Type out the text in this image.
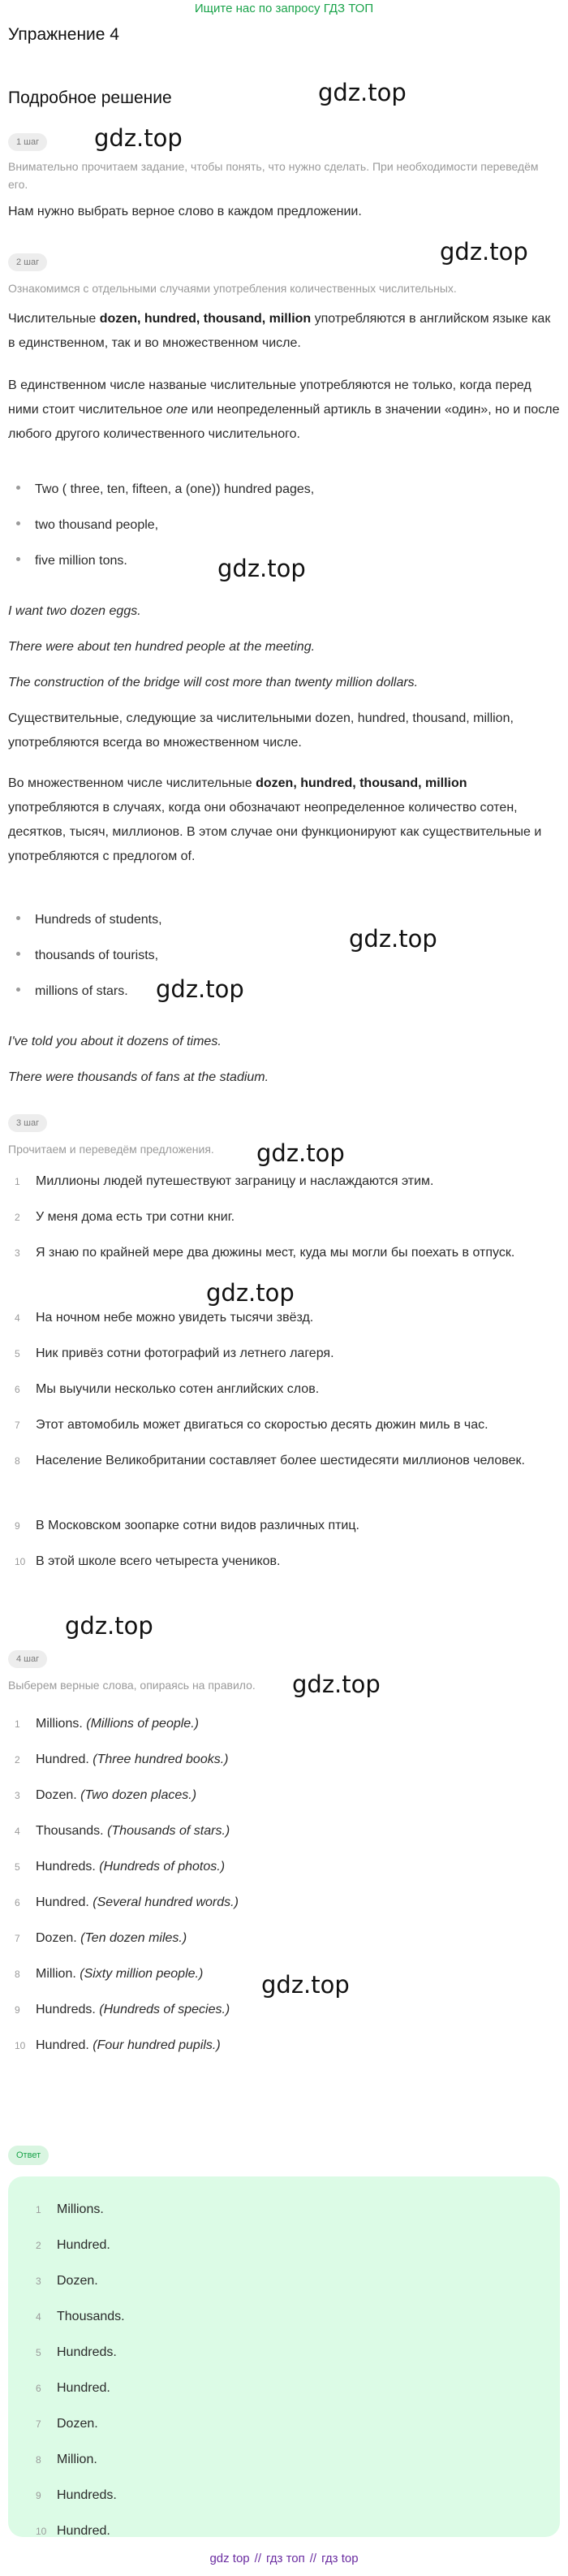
Ищите нас по запросу ГДЗ ТОП
Упражнение 4
Подробное решение	gdz.top
gdz.top
gdz.top
gdz.top
gdz.top
gdz.top
gdz.top
gdz.top
gdz.top
gdz.top
gdz.top
1 шаг
Внимательно прочитаем задание, чтобы понять, что нужно сделать. При необходимости переведём его.
Нам нужно выбрать верное слово в каждом предложении.
2 шаг
Ознакомимся с отдельными случаями употребления количественных числительных.
Числительные dozen, hundred, thousand, million употребляются в английском языке как в единственном, так и во множественном числе.
В единственном числе названые числительные употребляются не только, когда перед ними стоит числительное one или неопределенный артикль в значении «один», но и после любого другого количественного числительного.
Two ( three, ten, fifteen, a (one)) hundred pages,
two thousand people,
five million tons.
I want two dozen eggs.
There were about ten hundred people at the meeting.
The construction of the bridge will cost more than twenty million dollars.
Существительные, следующие за числительными dozen, hundred, thousand, million, употребляются всегда во множественном числе.
Во множественном числе числительные dozen, hundred, thousand, million употребляются в случаях, когда они обозначают неопределенное количество сотен, десятков, тысяч, миллионов. В этом случае они функционируют как существительные и употребляются с предлогом of.
Hundreds of students,
thousands of tourists,
millions of stars.
I've told you about it dozens of times.
There were thousands of fans at the stadium.
3 шаг
Прочитаем и переведём предложения.
1	Миллионы людей путешествуют заграницу и наслаждаются этим.
2	У меня дома есть три сотни книг.
3	Я знаю по крайней мере два дюжины мест, куда мы могли бы поехать в отпуск.
4	На ночном небе можно увидеть тысячи звёзд.
5	Ник привёз сотни фотографий из летнего лагеря.
6	Мы выучили несколько сотен английских слов.
7	Этот автомобиль может двигаться со скоростью десять дюжин миль в час.
8	Население Великобритании составляет более шестидесяти миллионов человек.
9	В Московском зоопарке сотни видов различных птиц.
10 В этой школе всего четыреста учеников.
4 шаг
Выберем верные слова, опираясь на правило.
1	Millions. (Millions of people.)
2	Hundred. (Three hundred books.)
3	Dozen. (Two dozen places.)
4	Thousands. (Thousands of stars.)
5	Hundreds. (Hundreds of photos.)
6	Hundred. (Several hundred words.)
7	Dozen. (Ten dozen miles.)
8	Million. (Sixty million people.)
9	Hundreds. (Hundreds of species.)
10 Hundred. (Four hundred pupils.)
Ответ
1	Millions.
2	Hundred.
3	Dozen.
4	Thousands.
5	Hundreds.
6	Hundred.
7	Dozen.
8	Million.
9	Hundreds.
10 Hundred.
gdz top // гдз топ // гдз top
